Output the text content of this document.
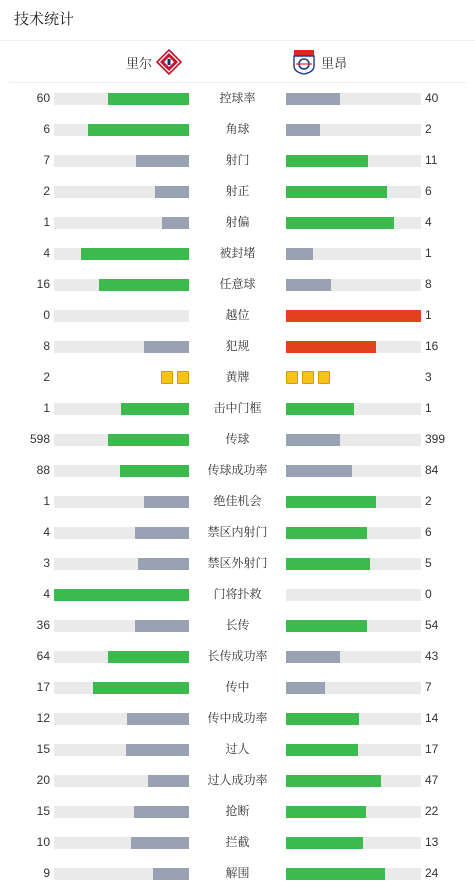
技术统计
里尔	里昂
60	控球率	40
6	角球	2
7	射门	11
2	射正	6
1	射偏	4
4	被封堵	1
16	任意球	8
0	越位	1
8	犯规	16
2	黄牌	3
1	击中门框	1
598	传球	399
88	传球成功率	84
1	绝佳机会	2
4	禁区内射门	6
3	禁区外射门	5
4	门将扑救	0
36	长传	54
64	长传成功率	43
17	传中	7
12	传中成功率	14
15	过人	17
20	过人成功率	47
15	抢断	22
10	拦截	13
9	解围	24
